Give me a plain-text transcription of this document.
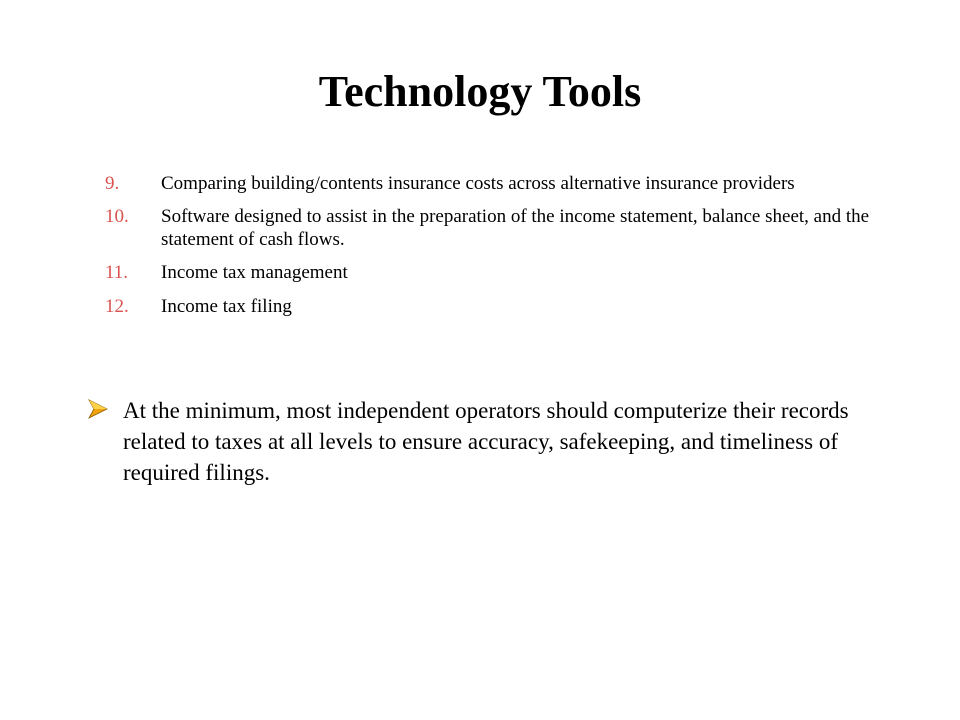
Technology Tools
9. Comparing building/contents insurance costs across alternative insurance providers
10. Software designed to assist in the preparation of the income statement, balance sheet, and the statement of cash flows.
11. Income tax management
12. Income tax filing

At the minimum, most independent operators should computerize their records related to taxes at all levels to ensure accuracy, safekeeping, and timeliness of required filings.
